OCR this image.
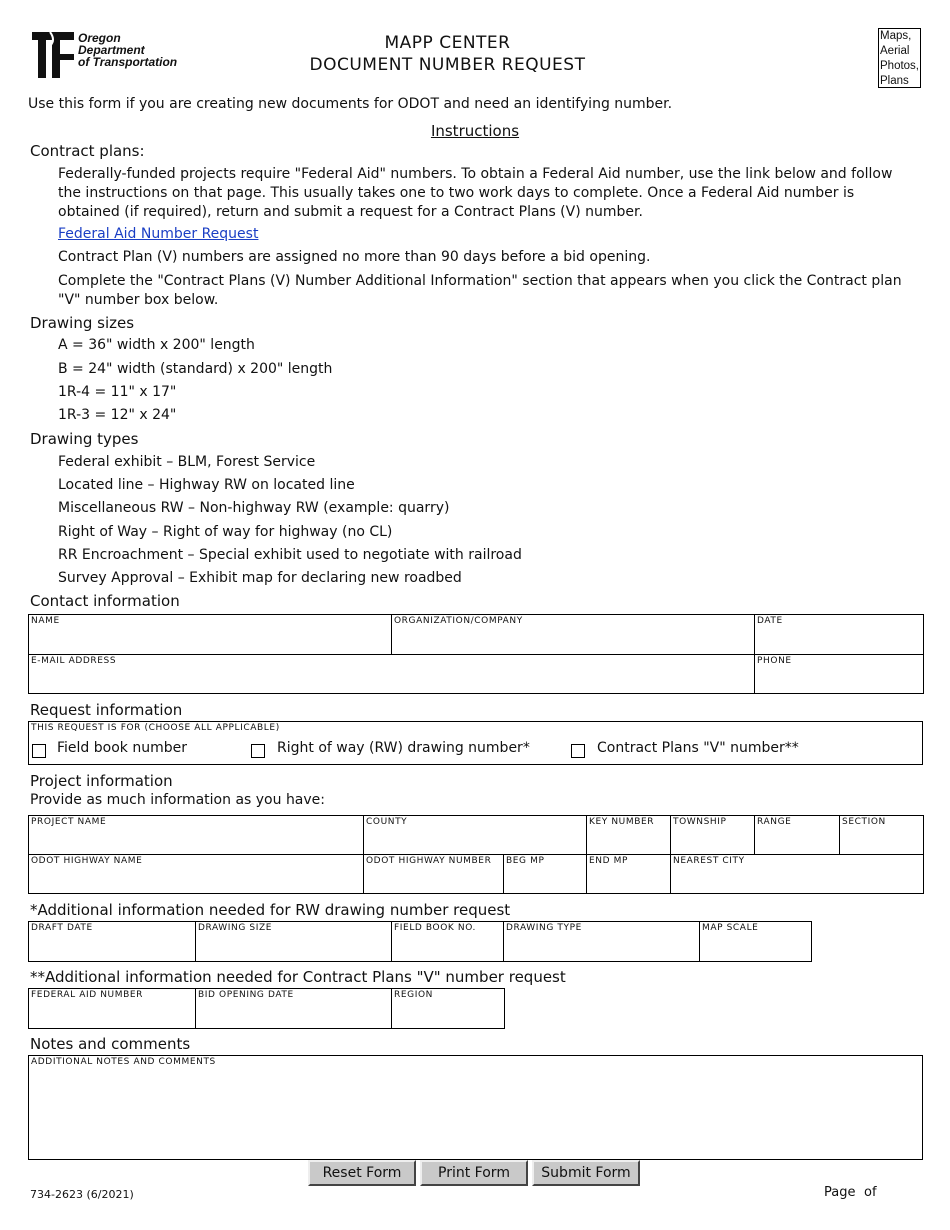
Oregon
Department
of Transportation
MAPP CENTER
DOCUMENT NUMBER REQUEST
Maps,
Aerial
Photos,
Plans
Use this form if you are creating new documents for ODOT and need an identifying number.
Instructions
Contract plans:
Federally-funded projects require "Federal Aid" numbers. To obtain a Federal Aid number, use the link below and follow the instructions on that page. This usually takes one to two work days to complete. Once a Federal Aid number is obtained (if required), return and submit a request for a Contract Plans (V) number.
Federal Aid Number Request
Contract Plan (V) numbers are assigned no more than 90 days before a bid opening.
Complete the "Contract Plans (V) Number Additional Information" section that appears when you click the Contract plan "V" number box below.
Drawing sizes
A = 36" width x 200" length
B = 24" width (standard) x 200" length
1R-4 = 11" x 17"
1R-3 = 12" x 24"
Drawing types
Federal exhibit – BLM, Forest Service
Located line – Highway RW on located line
Miscellaneous RW – Non-highway RW (example: quarry)
Right of Way – Right of way for highway (no CL)
RR Encroachment – Special exhibit used to negotiate with railroad
Survey Approval – Exhibit map for declaring new roadbed
Contact information
NAME	ORGANIZATION/COMPANY	DATE

E-MAIL ADDRESS		PHONE
Request information
THIS REQUEST IS FOR (CHOOSE ALL APPLICABLE)
Field book number	Right of way (RW) drawing number*	Contract Plans "V" number**
Project information
Provide as much information as you have:
PROJECT NAME	COUNTY		KEY NUMBER	TOWNSHIP	RANGE	SECTION

ODOT HIGHWAY NAME	ODOT HIGHWAY NUMBER	BEG MP	END MP	NEAREST CITY		
*Additional information needed for RW drawing number request
DRAFT DATE	DRAWING SIZE	FIELD BOOK NO.	DRAWING TYPE	MAP SCALE
**Additional information needed for Contract Plans "V" number request
FEDERAL AID NUMBER	BID OPENING DATE	REGION
Notes and comments
ADDITIONAL NOTES AND COMMENTS
Reset Form	Print Form	Submit Form
734-2623 (6/2021)	Page of
